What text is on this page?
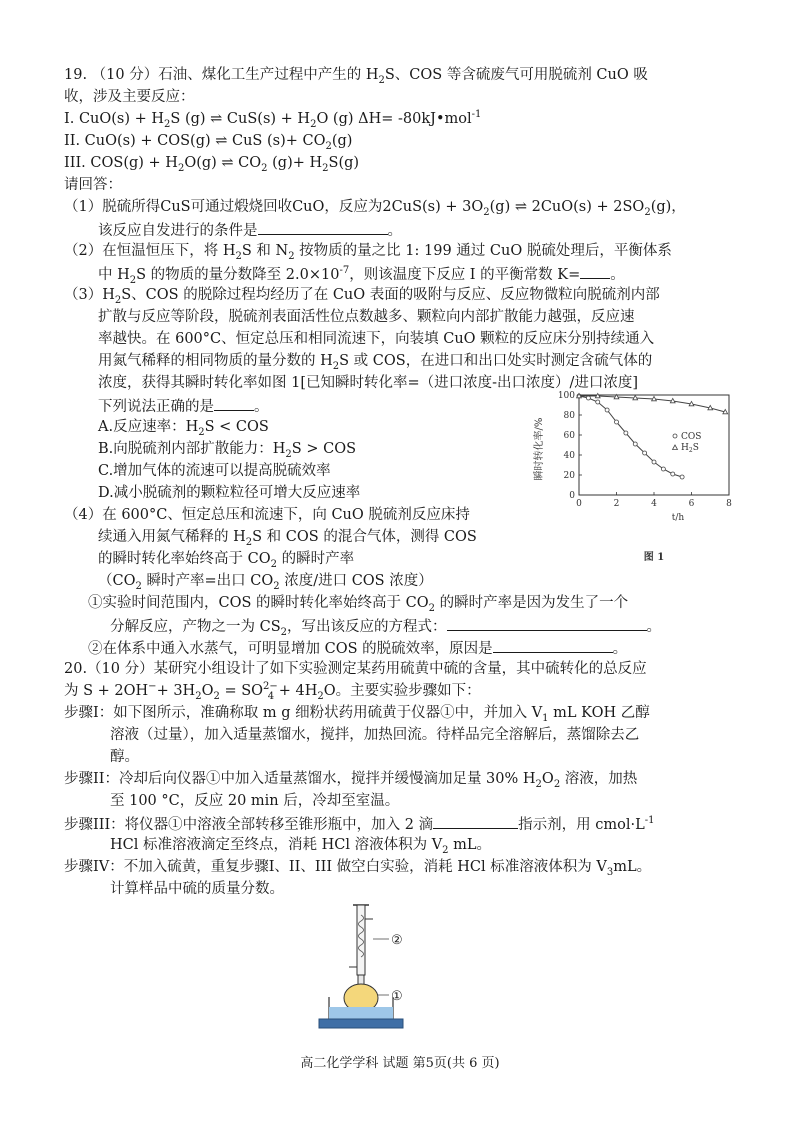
19. （10 分）石油、煤化工生产过程中产生的 $H_2S$、COS 等含硫废气可用脱硫剂 CuO 吸
收，涉及主要反应：
I. $CuO(s) + H_2S$ (g) ⇌ $CuS(s) + H_2O$ (g) ΔH= -80kJ•mol$^{-1}$
II. CuO(s) + COS(g) ⇌ CuS $(s)+ CO_2(g)$
III. $COS(g) + H_2O(g)$ ⇌ $CO_2$ $(g)+ H_2S(g)$
请回答：
（1）脱硫所得CuS可通过煅烧回收CuO，反应为$2CuS(s) + 3O_2(g)$ ⇌ $2CuO(s) + 2SO_2(g)$，
该反应自发进行的条件是	。
（2）在恒温恒压下，将 $H_2S$ 和 $N_2$ 按物质的量之比 1: 199 通过 CuO 脱硫处理后，平衡体系
中 $H_2S$ 的物质的量分数降至 $2.0\times 10^{-7}$，则该温度下反应 I 的平衡常数 K= 。
$(3)H_2S$、COS 的脱除过程均经历了在 CuO 表面的吸附与反应、反应物微粒向脱硫剂内部
扩散与反应等阶段，脱硫剂表面活性位点数越多、颗粒向内部扩散能力越强，反应速
率越快。在 600°C、恒定总压和相同流速下，向装填 CuO 颗粒的反应床分别持续通入
用氮气稀释的相同物质的量分数的 $H_2S$ 或 COS，在进口和出口处实时测定含硫气体的
浓度，获得其瞬时转化率如图 1[已知瞬时转化率=（进口浓度-出口浓度）/进口浓度]
下列说法正确的是	。
A.反应速率：$H_2S$ < COS
B.向脱硫剂内部扩散能力：$H_2S$ > COS
C.增加气体的流速可以提高脱硫效率
D.减小脱硫剂的颗粒粒径可增大反应速率
（4）在 600°C、恒定总压和流速下，向 CuO 脱硫剂反应床持
续通入用氮气稀释的 $H_2S$ 和 COS 的混合气体，测得 COS
的瞬时转化率始终高于 $CO_2$ 的瞬时产率
（$CO_2$ 瞬时产率=出口 $CO_2$ 浓度/进口 COS 浓度）
①实验时间范围内，COS 的瞬时转化率始终高于 $CO_2$ 的瞬时产率是因为发生了一个
分解反应，产物之一为 $CS_2$，写出该反应的方程式：	。
②在体系中通入水蒸气，可明显增加 COS 的脱硫效率，原因是	。
20.（10 分）某研究小组设计了如下实验测定某药用硫黄中硫的含量，其中硫转化的总反应
为 $S + 2OH^-+ 3H_2O_2 = SO^{2-}_4 + 4H_2O$。主要实验步骤如下：
步骤I：如下图所示，准确称取 m g 细粉状药用硫黄于仪器①中，并加入 $V_1$ mL KOH 乙醇
溶液（过量），加入适量蒸馏水，搅拌，加热回流。待样品完全溶解后，蒸馏除去乙
醇。
步骤II：冷却后向仪器①中加入适量蒸馏水，搅拌并缓慢滴加足量 30% $H_2O_2$ 溶液，加热
至 100 °C，反应 20 min 后，冷却至室温。
步骤III：将仪器①中溶液全部转移至锥形瓶中，加入 2 滴	指示剂，用 $cmol\cdot L^{-1}$
HCl 标准溶液滴定至终点，消耗 HCl 溶液体积为 $V_2$ mL。
步骤IV：不加入硫黄，重复步骤I、II、III 做空白实验，消耗 HCl 标准溶液体积为 $V_3mL$。
计算样品中硫的质量分数。
0	2	4	6	8
0
20
40
60
80
100
瞬时转化率/%
t/h
COS
$H_2S$
图 1
②
①
高二化学学科 试题 第5页(共 6 页)
